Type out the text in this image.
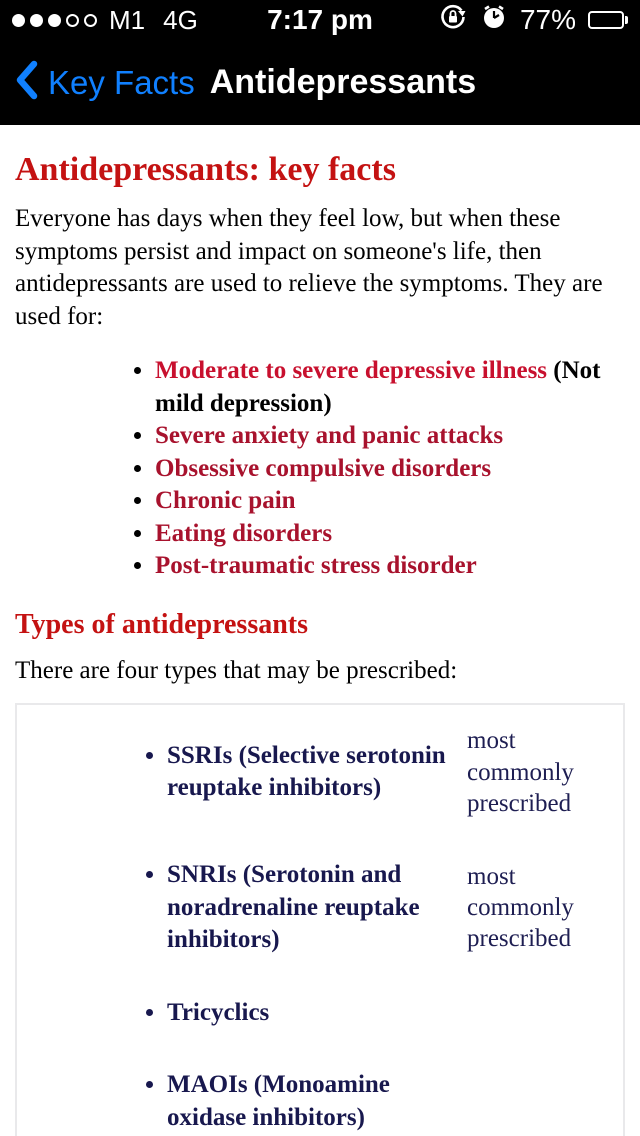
M1 4G	7:17 pm	77%
Key Facts Antidepressants
Antidepressants: key facts

Everyone has days when they feel low, but when these symptoms persist and impact on someone's life, then antidepressants are used to relieve the symptoms. They are used for:

• Moderate to severe depressive illness (Not mild depression)
• Severe anxiety and panic attacks
• Obsessive compulsive disorders
• Chronic pain
• Eating disorders
• Post-traumatic stress disorder
Types of antidepressants

There are four types that may be prescribed:

• SSRIs (Selective serotonin reuptake inhibitors)
	most commonly prescribed

• SNRIs (Serotonin and noradrenaline reuptake inhibitors)
	most commonly prescribed

• Tricyclics

• MAOIs (Monoamine oxidase inhibitors)
